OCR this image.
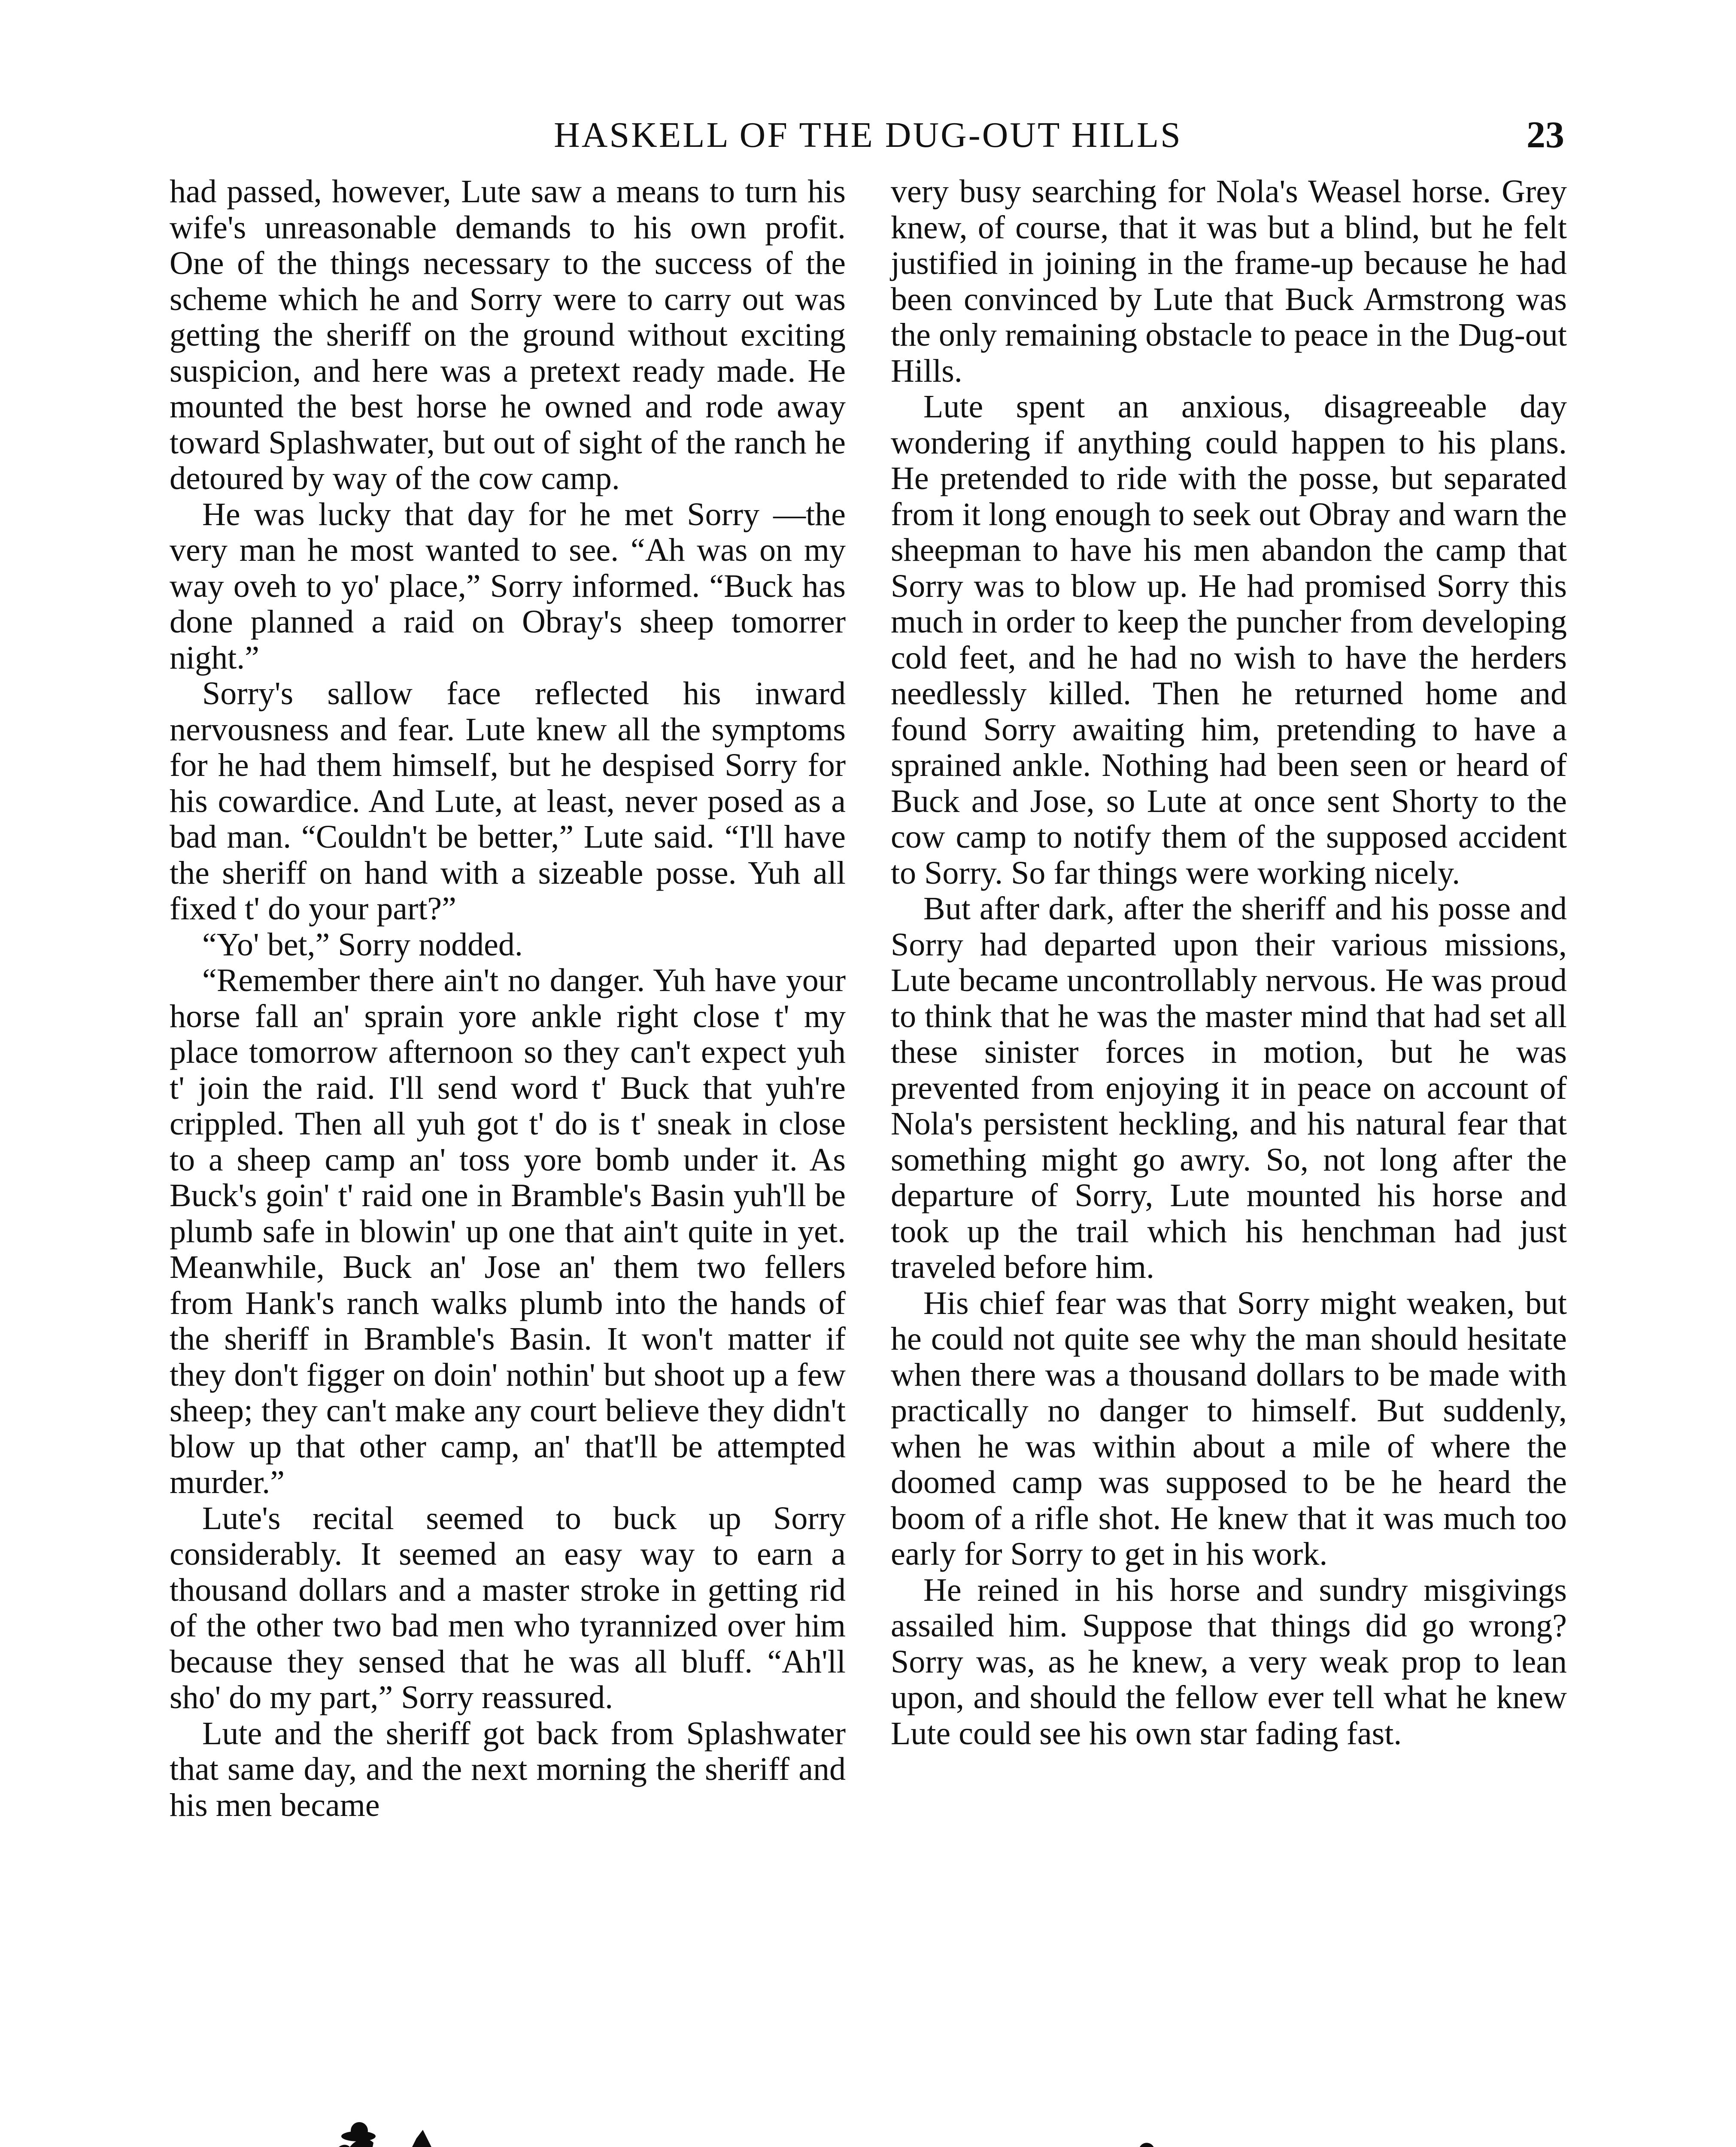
HASKELL OF THE DUG-OUT HILLS	23

had passed, however, Lute saw a means to turn his wife's unreasonable demands to his own profit. One of the things necessary to the success of the scheme which he and Sorry were to carry out was getting the sheriff on the ground without exciting suspicion, and here was a pretext ready made. He mounted the best horse he owned and rode away toward Splashwater, but out of sight of the ranch he detoured by way of the cow camp.

He was lucky that day for he met Sorry —the very man he most wanted to see. “Ah was on my way oveh to yo' place,” Sorry informed. “Buck has done planned a raid on Obray's sheep tomorrer night.”

Sorry's sallow face reflected his inward nervousness and fear. Lute knew all the symptoms for he had them himself, but he despised Sorry for his cowardice. And Lute, at least, never posed as a bad man. “Couldn't be better,” Lute said. “I'll have the sheriff on hand with a sizeable posse. Yuh all fixed t' do your part?”

“Yo' bet,” Sorry nodded.

“Remember there ain't no danger. Yuh have your horse fall an' sprain yore ankle right close t' my place tomorrow afternoon so they can't expect yuh t' join the raid. I'll send word t' Buck that yuh're crippled. Then all yuh got t' do is t' sneak in close to a sheep camp an' toss yore bomb under it. As Buck's goin' t' raid one in Bramble's Basin yuh'll be plumb safe in blowin' up one that ain't quite in yet. Meanwhile, Buck an' Jose an' them two fellers from Hank's ranch walks plumb into the hands of the sheriff in Bramble's Basin. It won't matter if they don't figger on doin' nothin' but shoot up a few sheep; they can't make any court believe they didn't blow up that other camp, an' that'll be attempted murder.”

Lute's recital seemed to buck up Sorry considerably. It seemed an easy way to earn a thousand dollars and a master stroke in getting rid of the other two bad men who tyrannized over him because they sensed that he was all bluff. “Ah'll sho' do my part,” Sorry reassured.

Lute and the sheriff got back from Splashwater that same day, and the next morning the sheriff and his men became

very busy searching for Nola's Weasel horse. Grey knew, of course, that it was but a blind, but he felt justified in joining in the frame-up because he had been convinced by Lute that Buck Armstrong was the only remaining obstacle to peace in the Dug-out Hills.

Lute spent an anxious, disagreeable day wondering if anything could happen to his plans. He pretended to ride with the posse, but separated from it long enough to seek out Obray and warn the sheepman to have his men abandon the camp that Sorry was to blow up. He had promised Sorry this much in order to keep the puncher from developing cold feet, and he had no wish to have the herders needlessly killed. Then he returned home and found Sorry awaiting him, pretending to have a sprained ankle. Nothing had been seen or heard of Buck and Jose, so Lute at once sent Shorty to the cow camp to notify them of the supposed accident to Sorry. So far things were working nicely.

But after dark, after the sheriff and his posse and Sorry had departed upon their various missions, Lute became uncontrollably nervous. He was proud to think that he was the master mind that had set all these sinister forces in motion, but he was prevented from enjoying it in peace on account of Nola's persistent heckling, and his natural fear that something might go awry. So, not long after the departure of Sorry, Lute mounted his horse and took up the trail which his henchman had just traveled before him.

His chief fear was that Sorry might weaken, but he could not quite see why the man should hesitate when there was a thousand dollars to be made with practically no danger to himself. But suddenly, when he was within about a mile of where the doomed camp was supposed to be he heard the boom of a rifle shot. He knew that it was much too early for Sorry to get in his work.

He reined in his horse and sundry misgivings assailed him. Suppose that things did go wrong? Sorry was, as he knew, a very weak prop to lean upon, and should the fellow ever tell what he knew Lute could see his own star fading fast.
